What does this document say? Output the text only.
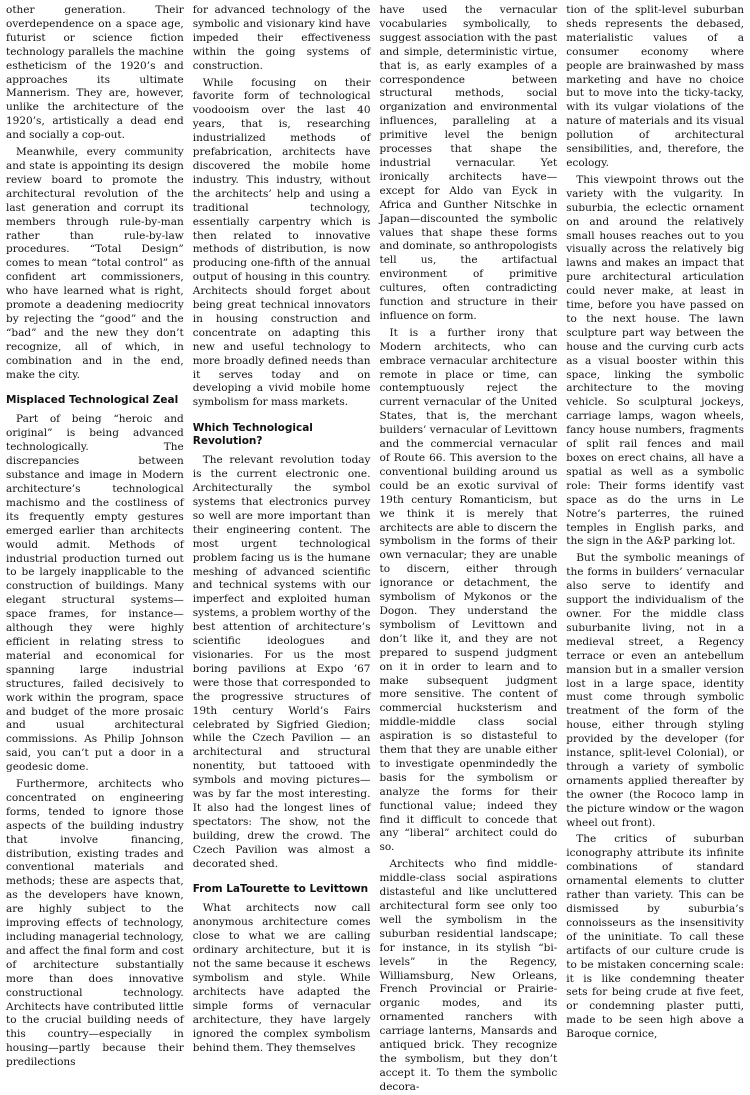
other generation. Their overdependence on a space age, futurist or science fiction technology parallels the machine estheticism of the 1920’s and approaches its ultimate Mannerism. They are, however, unlike the architecture of the 1920’s, artistically a dead end and socially a cop-out.

Meanwhile, every community and state is appointing its design review board to promote the architectural revolution of the last generation and corrupt its members through rule-by-man rather than rule-by-law procedures. “Total Design” comes to mean “total control” as confident art commissioners, who have learned what is right, promote a deadening mediocrity by rejecting the “good” and the “bad” and the new they don’t recognize, all of which, in combination and in the end, make the city.

Misplaced Technological Zeal

Part of being “heroic and original” is being advanced technologically. The discrepancies between substance and image in Modern architecture’s technological machismo and the costliness of its frequently empty gestures emerged earlier than architects would admit. Methods of industrial production turned out to be largely inapplicable to the construction of buildings. Many elegant structural systems—space frames, for instance—although they were highly efficient in relating stress to material and economical for spanning large industrial structures, failed decisively to work within the program, space and budget of the more prosaic and usual architectural commissions. As Philip Johnson said, you can’t put a door in a geodesic dome.

Furthermore, architects who concentrated on engineering forms, tended to ignore those aspects of the building industry that involve financing, distribution, existing trades and conventional materials and methods; these are aspects that, as the developers have known, are highly subject to the improving effects of technology, including managerial technology, and affect the final form and cost of architecture substantially more than does innovative constructional technology. Architects have contributed little to the crucial building needs of this country—especially in housing—partly because their predilections

for advanced technology of the symbolic and visionary kind have impeded their effectiveness within the going systems of construction.

While focusing on their favorite form of technological voodooism over the last 40 years, that is, researching industrialized methods of prefabrication, architects have discovered the mobile home industry. This industry, without the architects’ help and using a traditional technology, essentially carpentry which is then related to innovative methods of distribution, is now producing one-fifth of the annual output of housing in this country. Architects should forget about being great technical innovators in housing construction and concentrate on adapting this new and useful technology to more broadly defined needs than it serves today and on developing a vivid mobile home symbolism for mass markets.

Which Technological Revolution?

The relevant revolution today is the current electronic one. Architecturally the symbol systems that electronics purvey so well are more important than their engineering content. The most urgent technological problem facing us is the humane meshing of advanced scientific and technical systems with our imperfect and exploited human systems, a problem worthy of the best attention of architecture’s scientific ideologues and visionaries. For us the most boring pavilions at Expo ’67 were those that corresponded to the progressive structures of 19th century World’s Fairs celebrated by Sigfried Giedion; while the Czech Pavilion — an architectural and structural nonentity, but tattooed with symbols and moving pictures—was by far the most interesting. It also had the longest lines of spectators: The show, not the building, drew the crowd. The Czech Pavilion was almost a decorated shed.

From LaTourette to Levittown

What architects now call anonymous architecture comes close to what we are calling ordinary architecture, but it is not the same because it eschews symbolism and style. While architects have adapted the simple forms of vernacular architecture, they have largely ignored the complex symbolism behind them. They themselves

have used the vernacular vocabularies symbolically, to suggest association with the past and simple, deterministic virtue, that is, as early examples of a correspondence between structural methods, social organization and environmental influences, paralleling at a primitive level the benign processes that shape the industrial vernacular. Yet ironically architects have—except for Aldo van Eyck in Africa and Gunther Nitschke in Japan—discounted the symbolic values that shape these forms and dominate, so anthropologists tell us, the artifactual environment of primitive cultures, often contradicting function and structure in their influence on form.

It is a further irony that Modern architects, who can embrace vernacular architecture remote in place or time, can contemptuously reject the current vernacular of the United States, that is, the merchant builders’ vernacular of Levittown and the commercial vernacular of Route 66. This aversion to the conventional building around us could be an exotic survival of 19th century Romanticism, but we think it is merely that architects are able to discern the symbolism in the forms of their own vernacular; they are unable to discern, either through ignorance or detachment, the symbolism of Mykonos or the Dogon. They understand the symbolism of Levittown and don’t like it, and they are not prepared to suspend judgment on it in order to learn and to make subsequent judgment more sensitive. The content of commercial hucksterism and middle-middle class social aspiration is so distasteful to them that they are unable either to investigate openmindedly the basis for the symbolism or analyze the forms for their functional value; indeed they find it difficult to concede that any “liberal” architect could do so.

Architects who find middle-middle-class social aspirations distasteful and like uncluttered architectural form see only too well the symbolism in the suburban residential landscape; for instance, in its stylish “bi-levels” in the Regency, Williamsburg, New Orleans, French Provincial or Prairie-organic modes, and its ornamented ranchers with carriage lanterns, Mansards and antiqued brick. They recognize the symbolism, but they don’t accept it. To them the symbolic decora-

tion of the split-level suburban sheds represents the debased, materialistic values of a consumer economy where people are brainwashed by mass marketing and have no choice but to move into the ticky-tacky, with its vulgar violations of the nature of materials and its visual pollution of architectural sensibilities, and, therefore, the ecology.

This viewpoint throws out the variety with the vulgarity. In suburbia, the eclectic ornament on and around the relatively small houses reaches out to you visually across the relatively big lawns and makes an impact that pure architectural articulation could never make, at least in time, before you have passed on to the next house. The lawn sculpture part way between the house and the curving curb acts as a visual booster within this space, linking the symbolic architecture to the moving vehicle. So sculptural jockeys, carriage lamps, wagon wheels, fancy house numbers, fragments of split rail fences and mail boxes on erect chains, all have a spatial as well as a symbolic role: Their forms identify vast space as do the urns in Le Notre’s parterres, the ruined temples in English parks, and the sign in the A&P parking lot.

But the symbolic meanings of the forms in builders’ vernacular also serve to identify and support the individualism of the owner. For the middle class suburbanite living, not in a medieval street, a Regency terrace or even an antebellum mansion but in a smaller version lost in a large space, identity must come through symbolic treatment of the form of the house, either through styling provided by the developer (for instance, split-level Colonial), or through a variety of symbolic ornaments applied thereafter by the owner (the Rococo lamp in the picture window or the wagon wheel out front).

The critics of suburban iconography attribute its infinite combinations of standard ornamental elements to clutter rather than variety. This can be dismissed by suburbia’s connoisseurs as the insensitivity of the uninitiate. To call these artifacts of our culture crude is to be mistaken concerning scale: it is like condemning theater sets for being crude at five feet, or condemning plaster putti, made to be seen high above a Baroque cornice,
